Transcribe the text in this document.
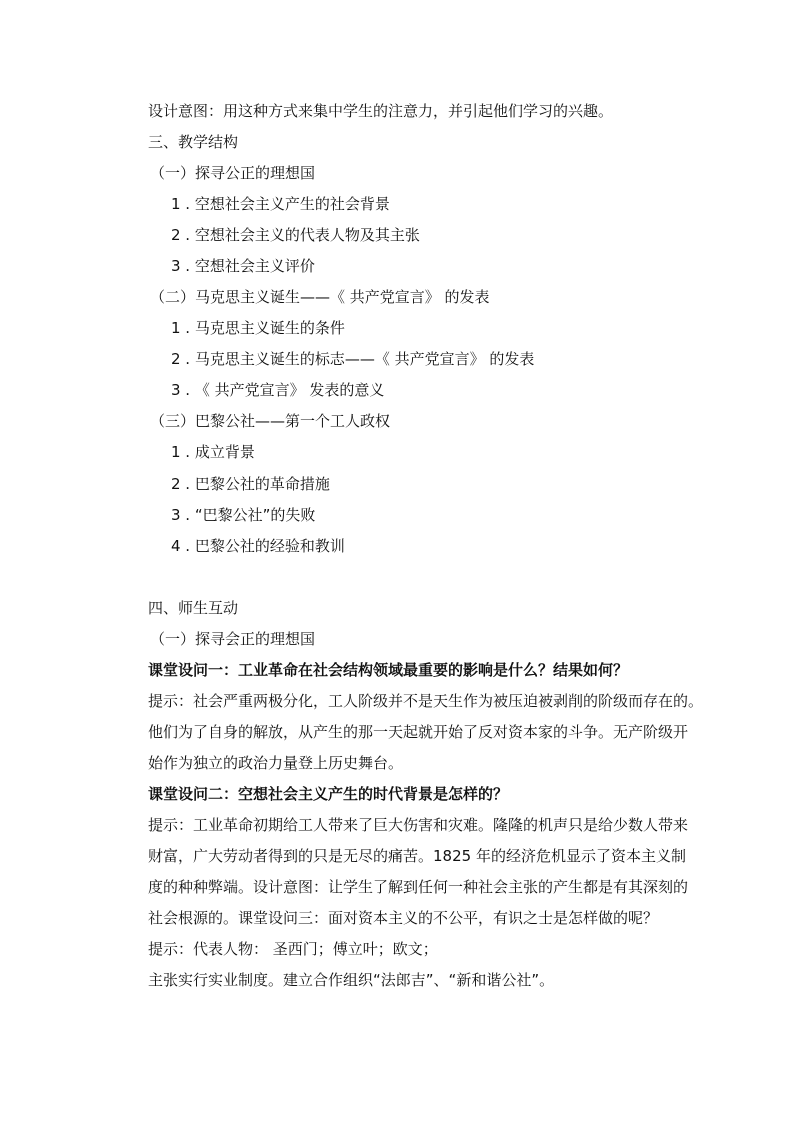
设计意图：用这种方式来集中学生的注意力，并引起他们学习的兴趣。
三、教学结构
（一）探寻公正的理想国
1 . 空想社会主义产生的社会背景
2 . 空想社会主义的代表人物及其主张
3 . 空想社会主义评价
（二）马克思主义诞生——《 共产党宣言》 的发表
1 . 马克思主义诞生的条件
2 . 马克思主义诞生的标志——《 共产党宣言》 的发表
3 . 《 共产党宣言》 发表的意义
（三）巴黎公社——第一个工人政权
1 . 成立背景
2 . 巴黎公社的革命措施
3 . “巴黎公社”的失败
4 . 巴黎公社的经验和教训
四、师生互动
（一）探寻会正的理想国
课堂设问一：工业革命在社会结构领域最重要的影响是什么？结果如何？

提示：社会严重两极分化，工人阶级并不是天生作为被压迫被剥削的阶级而存在的。

他们为了自身的解放，从产生的那一天起就开始了反对资本家的斗争。无产阶级开

始作为独立的政治力量登上历史舞台。

课堂设问二：空想社会主义产生的时代背景是怎样的？

提示：工业革命初期给工人带来了巨大伤害和灾难。隆隆的机声只是给少数人带来

财富，广大劳动者得到的只是无尽的痛苦。1825 年的经济危机显示了资本主义制

度的种种弊端。设计意图：让学生了解到任何一种社会主张的产生都是有其深刻的

社会根源的。课堂设问三：面对资本主义的不公平，有识之士是怎样做的呢？

提示：代表人物： 圣西门；傅立叶；欧文；

主张实行实业制度。建立合作组织“法郎吉”、“新和谐公社”。
